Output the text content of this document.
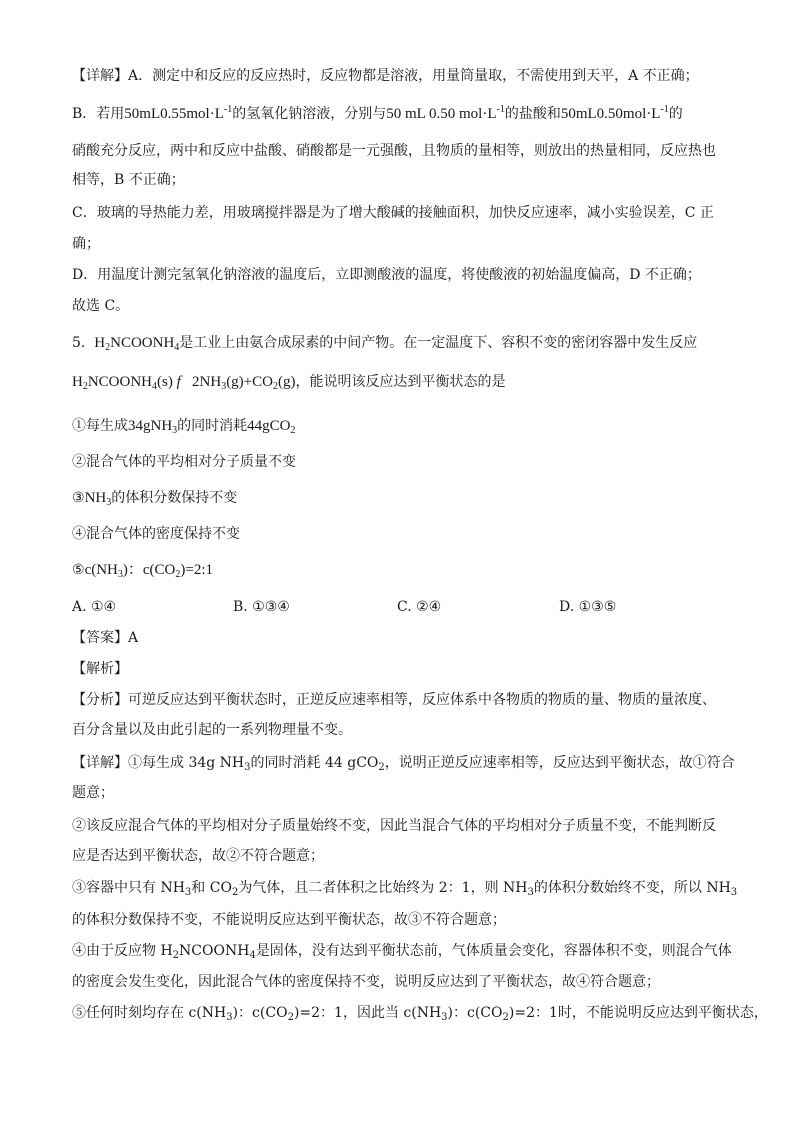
【详解】A．测定中和反应的反应热时，反应物都是溶液，用量筒量取，不需使用到天平，A 不正确；
B．若用$50mL0.55mol\cdot L^{-1}$的氢氧化钠溶液，分别与50 mL 0.50 $mol\cdot L^{-1}$的盐酸和$50mL0.50mol\cdot L^{-1}$的
硝酸充分反应，两中和反应中盐酸、硝酸都是一元强酸，且物质的量相等，则放出的热量相同，反应热也
相等，B 不正确；
C．玻璃的导热能力差，用玻璃搅拌器是为了增大酸碱的接触面积，加快反应速率，减小实验误差，C 正
确；
D．用温度计测完氢氧化钠溶液的温度后，立即测酸液的温度，将使酸液的初始温度偏高，D 不正确；
故选 C。
5. $H_2NCOONH_4$是工业上由氨合成尿素的中间产物。在一定温度下、容积不变的密闭容器中发生反应
$H_2NCOONH_4(s)$ f   $2NH_3(g)+CO_2(g)$，能说明该反应达到平衡状态的是
①每生成34gNH$_3$的同时消耗44gCO$_2$
②混合气体的平均相对分子质量不变
$③NH_3$的体积分数保持不变
④混合气体的密度保持不变
$⑤c(NH_3)$：$c(CO_2)=2:1$
A. ①④	B. ①③④	C. ②④	D. ①③⑤
【答案】A
【解析】
【分析】可逆反应达到平衡状态时，正逆反应速率相等，反应体系中各物质的物质的量、物质的量浓度、
百分含量以及由此引起的一系列物理量不变。
【详解】①每生成 34g $NH_3$的同时消耗 44 gCO$_2$，说明正逆反应速率相等，反应达到平衡状态，故①符合
题意；
②该反应混合气体的平均相对分子质量始终不变，因此当混合气体的平均相对分子质量不变，不能判断反
应是否达到平衡状态，故②不符合题意；
③容器中只有 $NH_3$和 $CO_2$为气体，且二者体积之比始终为 2：1，则 $NH_3$的体积分数始终不变，所以 $NH_3$
的体积分数保持不变，不能说明反应达到平衡状态，故③不符合题意；
④由于反应物 $H_2NCOONH_4$是固体，没有达到平衡状态前，气体质量会变化，容器体积不变，则混合气体
的密度会发生变化，因此混合气体的密度保持不变，说明反应达到了平衡状态，故④符合题意；
⑤任何时刻均存在 $c(NH_3)$：$c(CO_2)=2$：1，因此当 $c(NH_3)$：$c(CO_2)=2$：1时，不能说明反应达到平衡状态，
